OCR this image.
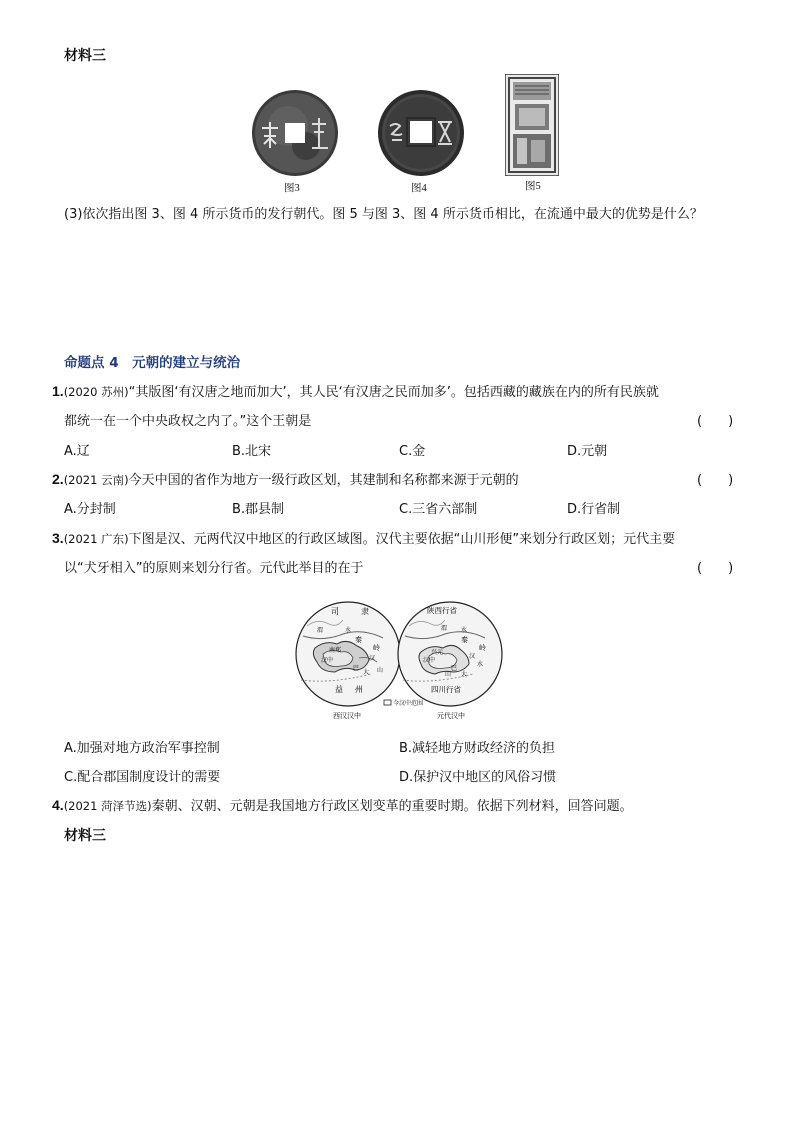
材料三
图3	图4	图5
(3)依次指出图 3、图 4 所示货币的发行朝代。图 5 与图 3、图 4 所示货币相比，在流通中最大的优势是什么？
命题点 4　元朝的建立与统治
1.(2020 苏州)“其版图‘有汉唐之地而加大’，其人民‘有汉唐之民而加多’。包括西藏的藏族在内的所有民族就
都统一在一个中央政权之内了。”这个王朝是	(　　)
A.辽	B.北宋	C.金	D.元朝
2.(2021 云南)今天中国的省作为地方一级行政区划，其建制和名称都来源于元朝的	(　　)
A.分封制	B.郡县制	C.三省六部制	D.行省制
3.(2021 广东)下图是汉、元两代汉中地区的行政区域图。汉代主要依据“山川形便”来划分行政区划；元代主要
以“犬牙相入”的原则来划分行省。元代此举目的在于	(　　)
司	隶
渭	水
秦
岭
南郑
汉中	汉
巴	山
大
益 州
陕西行省
渭 水
秦
岭
兴元
汉中
汉
水
巴
大
山
四川行省
今汉中范围
西汉汉中	元代汉中
A.加强对地方政治军事控制	B.减轻地方财政经济的负担
C.配合郡国制度设计的需要	D.保护汉中地区的风俗习惯
4.(2021 菏泽节选)秦朝、汉朝、元朝是我国地方行政区划变革的重要时期。依据下列材料，回答问题。
材料三
